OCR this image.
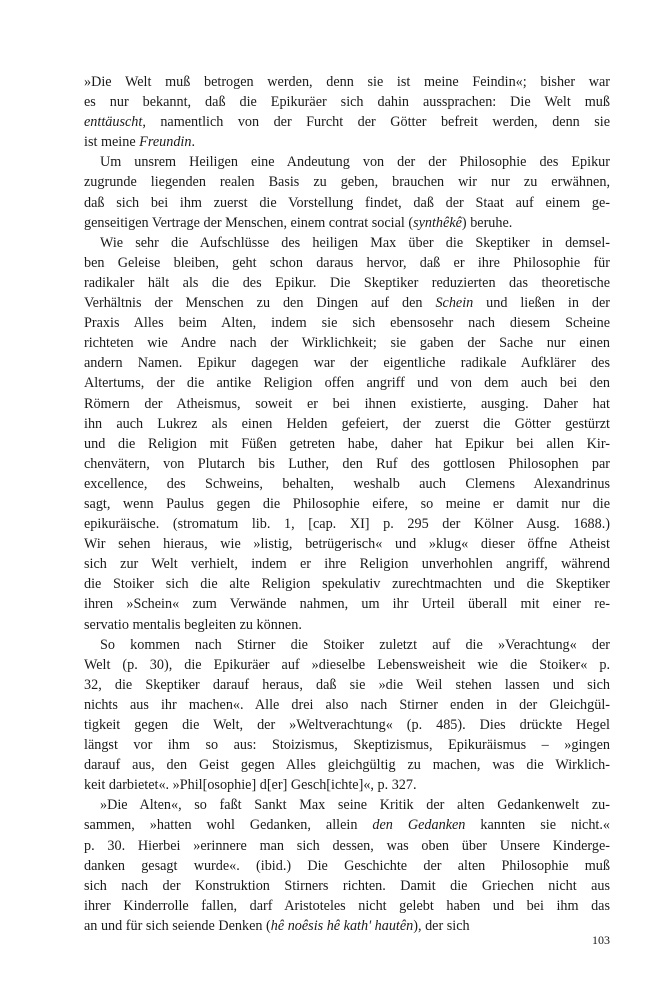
»Die Welt muß betrogen werden, denn sie ist meine Feindin«; bisher war
es nur bekannt, daß die Epikuräer sich dahin aussprachen: Die Welt muß
enttäuscht, namentlich von der Furcht der Götter befreit werden, denn sie
ist meine Freundin.

Um unsrem Heiligen eine Andeutung von der der Philosophie des Epikur
zugrunde liegenden realen Basis zu geben, brauchen wir nur zu erwähnen,
daß sich bei ihm zuerst die Vorstellung findet, daß der Staat auf einem ge-
genseitigen Vertrage der Menschen, einem contrat social (synthêkê) beruhe.

Wie sehr die Aufschlüsse des heiligen Max über die Skeptiker in demsel-
ben Geleise bleiben, geht schon daraus hervor, daß er ihre Philosophie für
radikaler hält als die des Epikur. Die Skeptiker reduzierten das theoretische
Verhältnis der Menschen zu den Dingen auf den Schein und ließen in der
Praxis Alles beim Alten, indem sie sich ebensosehr nach diesem Scheine
richteten wie Andre nach der Wirklichkeit; sie gaben der Sache nur einen
andern Namen. Epikur dagegen war der eigentliche radikale Aufklärer des
Altertums, der die antike Religion offen angriff und von dem auch bei den
Römern der Atheismus, soweit er bei ihnen existierte, ausging. Daher hat
ihn auch Lukrez als einen Helden gefeiert, der zuerst die Götter gestürzt
und die Religion mit Füßen getreten habe, daher hat Epikur bei allen Kir-
chenvätern, von Plutarch bis Luther, den Ruf des gottlosen Philosophen par
excellence, des Schweins, behalten, weshalb auch Clemens Alexandrinus
sagt, wenn Paulus gegen die Philosophie eifere, so meine er damit nur die
epikuräische. (stromatum lib. 1, [cap. XI] p. 295 der Kölner Ausg. 1688.)
Wir sehen hieraus, wie »listig, betrügerisch« und »klug« dieser öffne Atheist
sich zur Welt verhielt, indem er ihre Religion unverhohlen angriff, während
die Stoiker sich die alte Religion spekulativ zurechtmachten und die Skeptiker
ihren »Schein« zum Verwände nahmen, um ihr Urteil überall mit einer re-
servatio mentalis begleiten zu können.

So kommen nach Stirner die Stoiker zuletzt auf die »Verachtung« der
Welt (p. 30), die Epikuräer auf »dieselbe Lebensweisheit wie die Stoiker« p.
32, die Skeptiker darauf heraus, daß sie »die Weil stehen lassen und sich
nichts aus ihr machen«. Alle drei also nach Stirner enden in der Gleichgül-
tigkeit gegen die Welt, der »Weltverachtung« (p. 485). Dies drückte Hegel
längst vor ihm so aus: Stoizismus, Skeptizismus, Epikuräismus – »gingen
darauf aus, den Geist gegen Alles gleichgültig zu machen, was die Wirklich-
keit darbietet«. »Phil[osophie] d[er] Gesch[ichte]«, p. 327.

»Die Alten«, so faßt Sankt Max seine Kritik der alten Gedankenwelt zu-
sammen, »hatten wohl Gedanken, allein den Gedanken kannten sie nicht.«
p. 30. Hierbei »erinnere man sich dessen, was oben über Unsere Kinderge-
danken gesagt wurde«. (ibid.) Die Geschichte der alten Philosophie muß
sich nach der Konstruktion Stirners richten. Damit die Griechen nicht aus
ihrer Kinderrolle fallen, darf Aristoteles nicht gelebt haben und bei ihm das
an und für sich seiende Denken (hê noêsis hê kath' hautên), der sich

103
